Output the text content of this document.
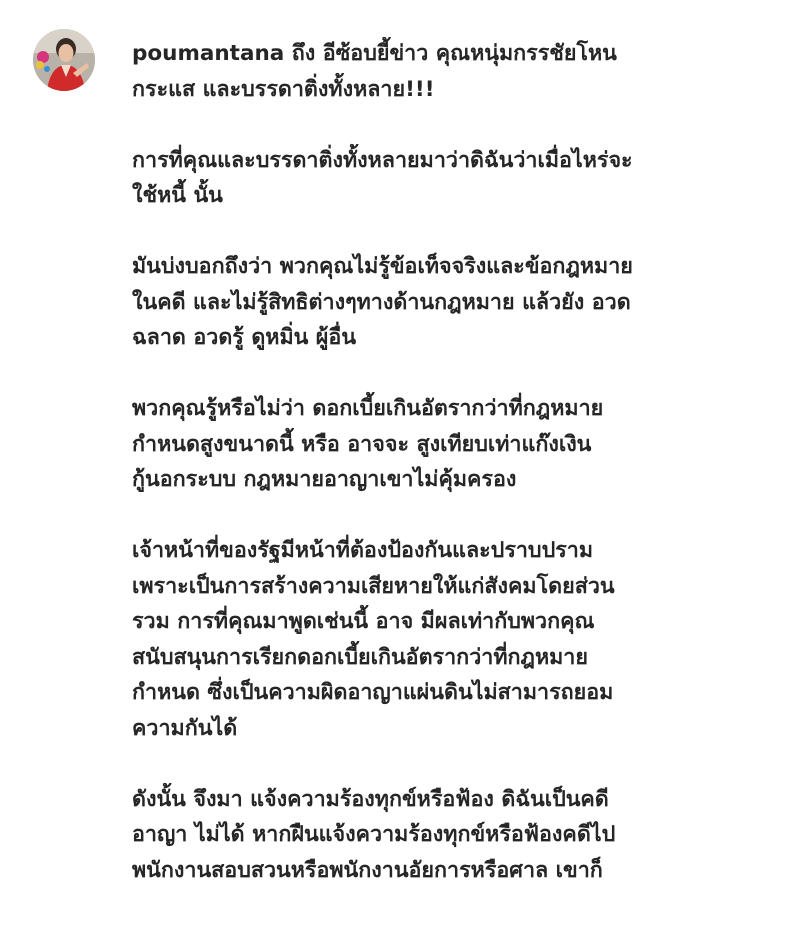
poumantana ถึง อีซ้อบยี้ข่าว คุณหนุ่มกรรชัยโหน
กระแส และบรรดาติ่งทั้งหลาย!!!

การที่คุณและบรรดาติ่งทั้งหลายมาว่าดิฉันว่าเมื่อไหร่จะ
ใช้หนี้ นั้น

มันบ่งบอกถึงว่า พวกคุณไม่รู้ข้อเท็จจริงและข้อกฎหมาย
ในคดี และไม่รู้สิทธิต่างๆทางด้านกฎหมาย แล้วยัง อวด
ฉลาด อวดรู้ ดูหมิ่น ผู้อื่น

พวกคุณรู้หรือไม่ว่า ดอกเบี้ยเกินอัตรากว่าที่กฎหมาย
กำหนดสูงขนาดนี้ หรือ อาจจะ สูงเทียบเท่าแก๊งเงิน
กู้นอกระบบ กฎหมายอาญาเขาไม่คุ้มครอง

เจ้าหน้าที่ของรัฐมีหน้าที่ต้องป้องกันและปราบปราม
เพราะเป็นการสร้างความเสียหายให้แก่สังคมโดยส่วน
รวม การที่คุณมาพูดเช่นนี้ อาจ มีผลเท่ากับพวกคุณ
สนับสนุนการเรียกดอกเบี้ยเกินอัตรากว่าที่กฎหมาย
กำหนด ซึ่งเป็นความผิดอาญาแผ่นดินไม่สามารถยอม
ความกันได้

ดังนั้น จึงมา แจ้งความร้องทุกข์หรือฟ้อง ดิฉันเป็นคดี
อาญา ไม่ได้ หากฝืนแจ้งความร้องทุกข์หรือฟ้องคดีไป
พนักงานสอบสวนหรือพนักงานอัยการหรือศาล เขาก็
